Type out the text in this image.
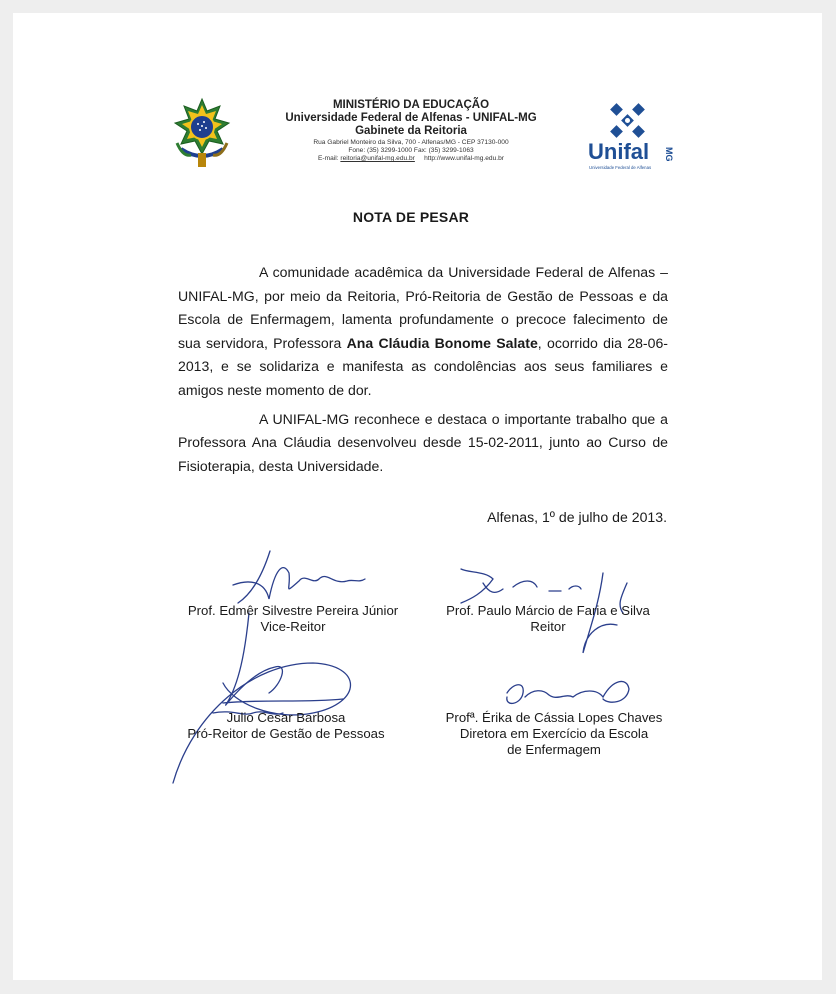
MINISTÉRIO DA EDUCAÇÃO
Universidade Federal de Alfenas - UNIFAL-MG
Gabinete da Reitoria
Rua Gabriel Monteiro da Silva, 700 - Alfenas/MG - CEP 37130-000
Fone: (35) 3299-1000 Fax: (35) 3299-1063
E-mail: reitoria@unifal-mg.edu.br http://www.unifal-mg.edu.br	Unifal MG
Universidade Federal de Alfenas
NOTA DE PESAR

A comunidade acadêmica da Universidade Federal de Alfenas – UNIFAL-MG, por meio da Reitoria, Pró-Reitoria de Gestão de Pessoas e da Escola de Enfermagem, lamenta profundamente o precoce falecimento de sua servidora, Professora Ana Cláudia Bonome Salate, ocorrido dia 28-06-2013, e se solidariza e manifesta as condolências aos seus familiares e amigos neste momento de dor.

A UNIFAL-MG reconhece e destaca o importante trabalho que a Professora Ana Cláudia desenvolveu desde 15-02-2011, junto ao Curso de Fisioterapia, desta Universidade.

Alfenas, 1º de julho de 2013.
Prof. Edmêr Silvestre Pereira Júnior
Vice-Reitor
Prof. Paulo Márcio de Faria e Silva
Reitor
Julio Cesar Barbosa
Pró-Reitor de Gestão de Pessoas
Profª. Érika de Cássia Lopes Chaves
Diretora em Exercício da Escola
de Enfermagem
